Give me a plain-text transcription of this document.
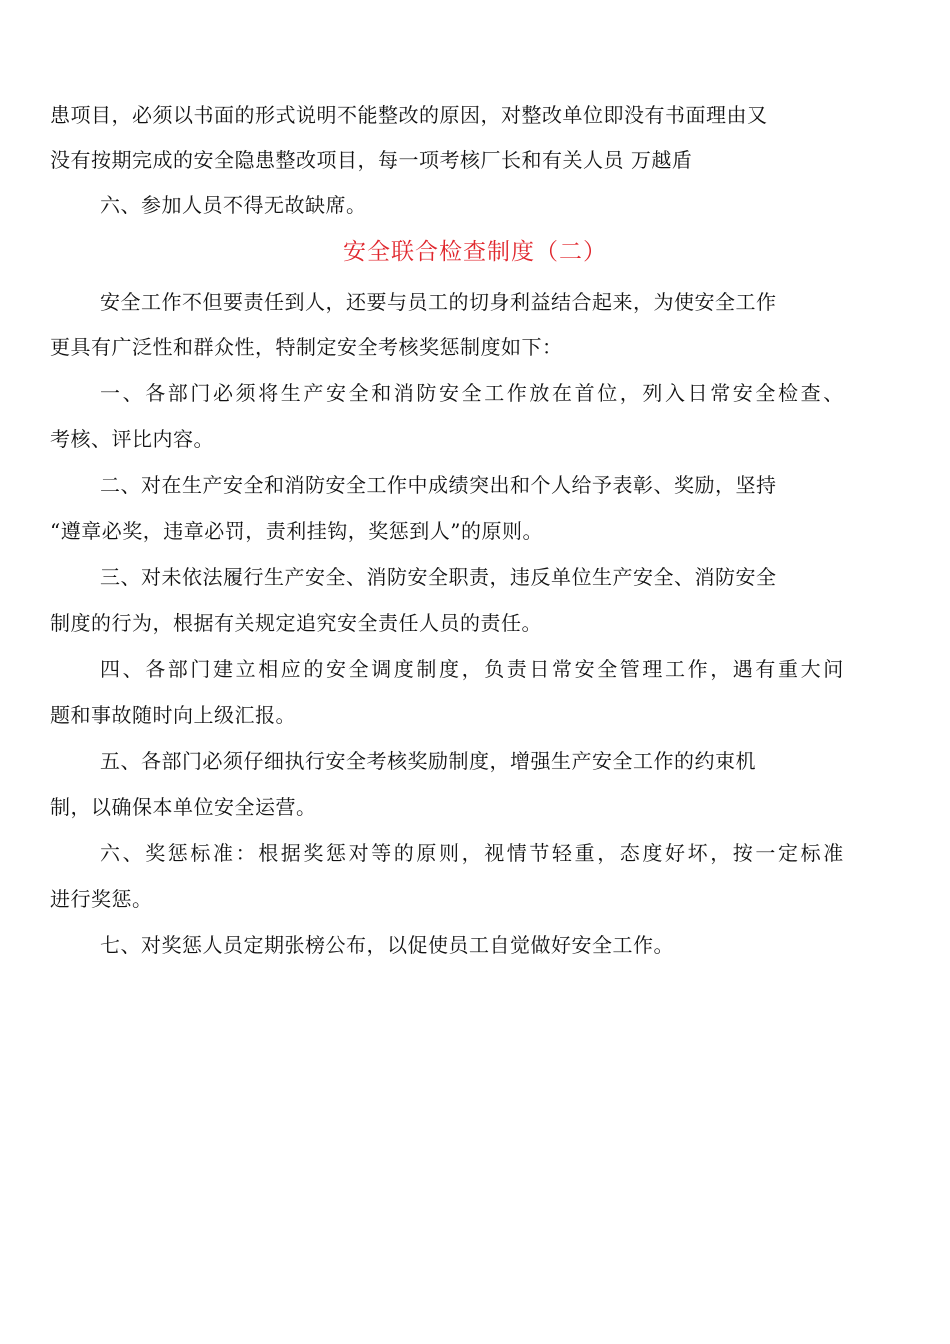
患项目，必须以书面的形式说明不能整改的原因，对整改单位即没有书面理由又
没有按期完成的安全隐患整改项目，每一项考核厂长和有关人员 万越盾
六、参加人员不得无故缺席。
安全联合检查制度（二）
安全工作不但要责任到人，还要与员工的切身利益结合起来，为使安全工作
更具有广泛性和群众性，特制定安全考核奖惩制度如下：
一、各部门必须将生产安全和消防安全工作放在首位，列入日常安全检查、
考核、评比内容。
二、对在生产安全和消防安全工作中成绩突出和个人给予表彰、奖励，坚持
“遵章必奖，违章必罚，责利挂钩，奖惩到人”的原则。
三、对未依法履行生产安全、消防安全职责，违反单位生产安全、消防安全
制度的行为，根据有关规定追究安全责任人员的责任。
四、各部门建立相应的安全调度制度，负责日常安全管理工作，遇有重大问
题和事故随时向上级汇报。
五、各部门必须仔细执行安全考核奖励制度，增强生产安全工作的约束机
制，以确保本单位安全运营。
六、奖惩标准：根据奖惩对等的原则，视情节轻重，态度好坏，按一定标准
进行奖惩。
七、对奖惩人员定期张榜公布，以促使员工自觉做好安全工作。
